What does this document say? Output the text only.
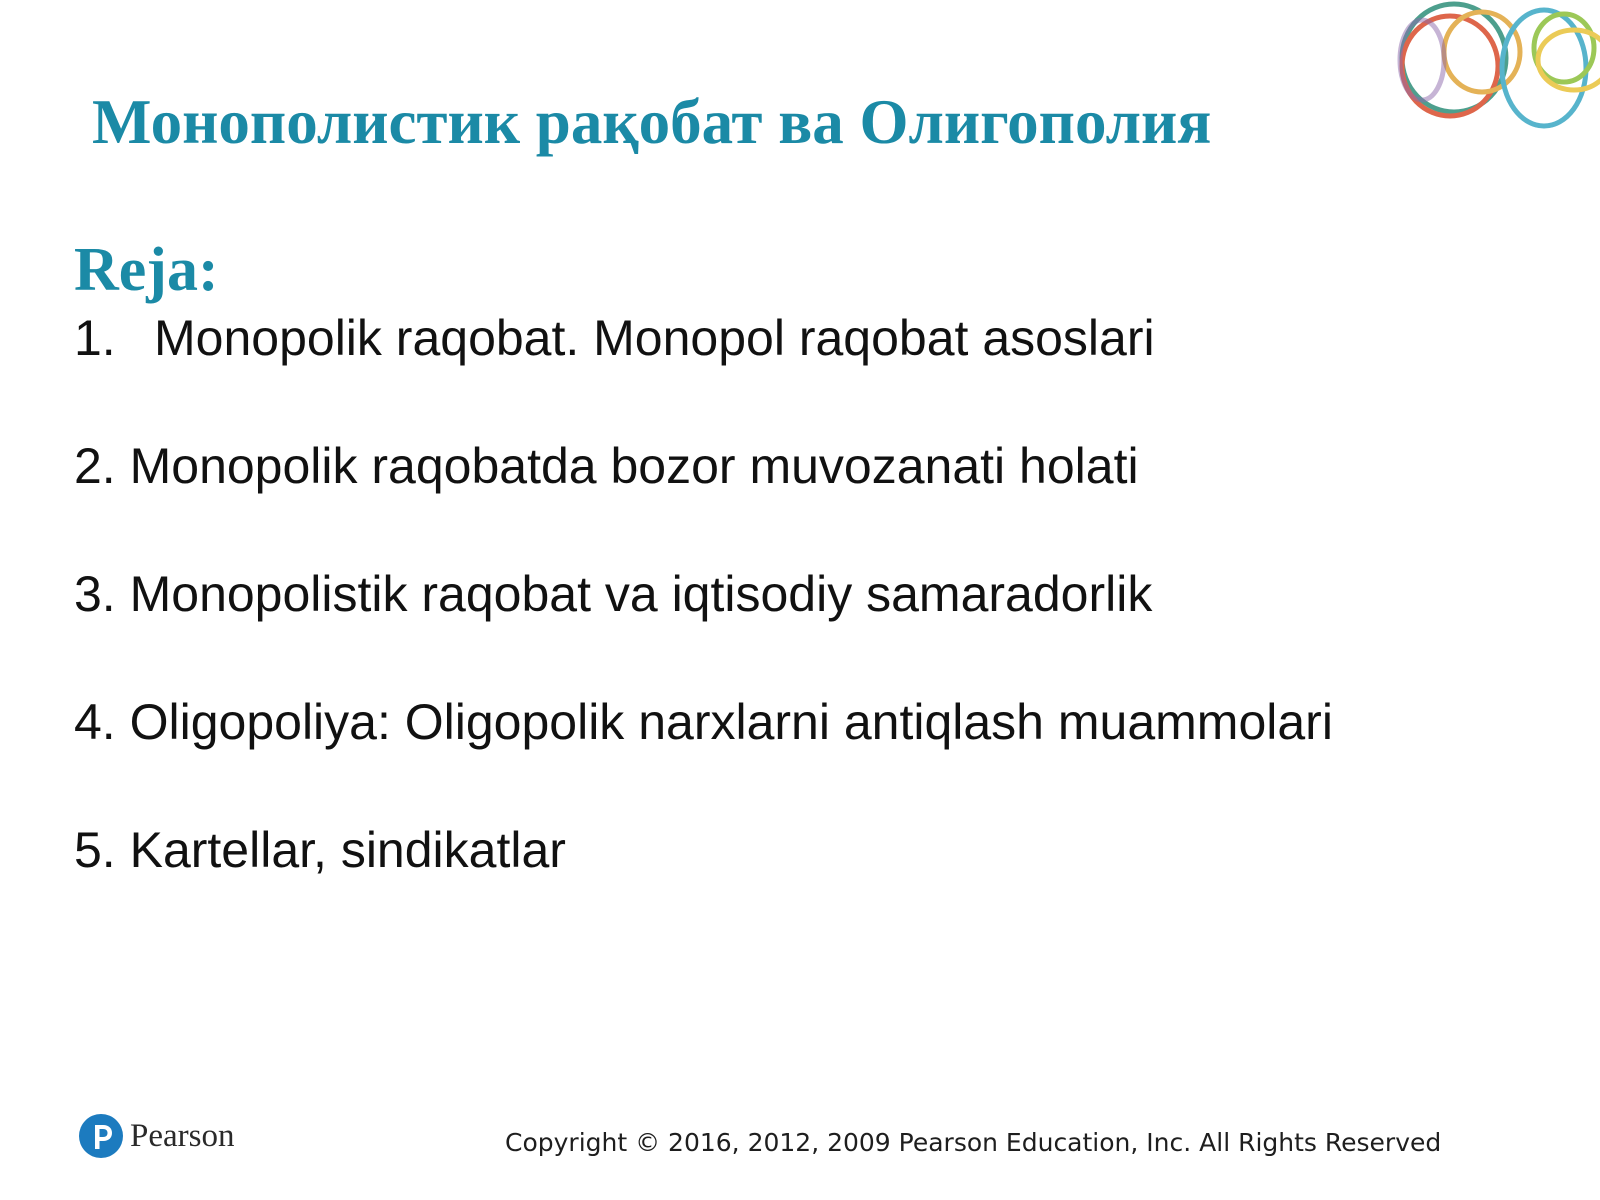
Монополистик рақобат ва Олигополия
Reja:
1. Monopolik raqobat. Monopol raqobat asoslari
2. Monopolik raqobatda bozor muvozanati holati
3. Monopolistik raqobat va iqtisodiy samaradorlik
4. Oligopoliya: Oligopolik narxlarni antiqlash muammolari
5. Kartellar, sindikatlar
Pearson	Copyright © 2016, 2012, 2009 Pearson Education, Inc. All Rights Reserved
